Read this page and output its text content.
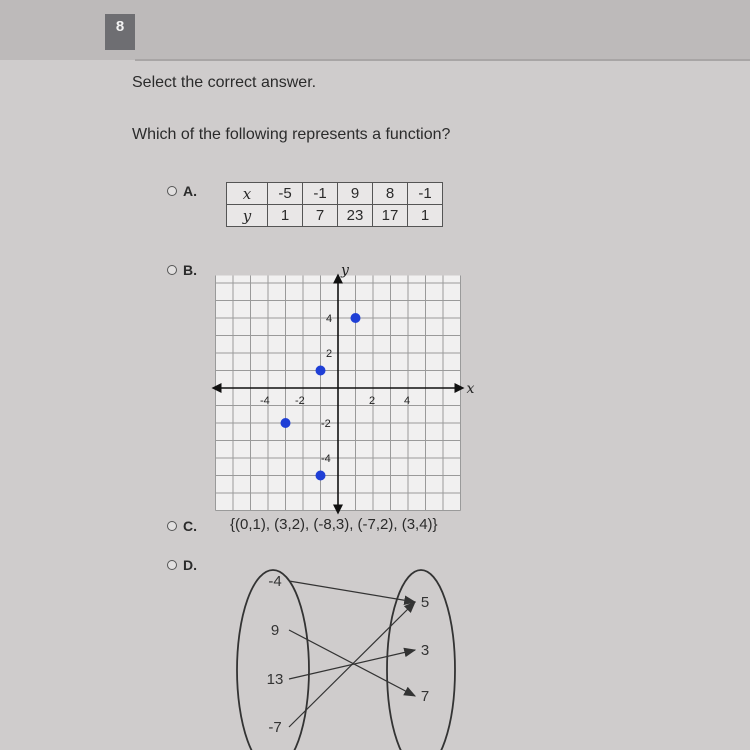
8
Select the correct answer.
Which of the following represents a function?
A.	x	-5	-1	9	8	-1
y	1	7	23	17	1
B.
x
y
-4 -2	2	4
4
2
-2
-4
C. {(0,1), (3,2), (-8,3), (-7,2), (3,4)}
D.
-4
9
13
-7
5
3
7
